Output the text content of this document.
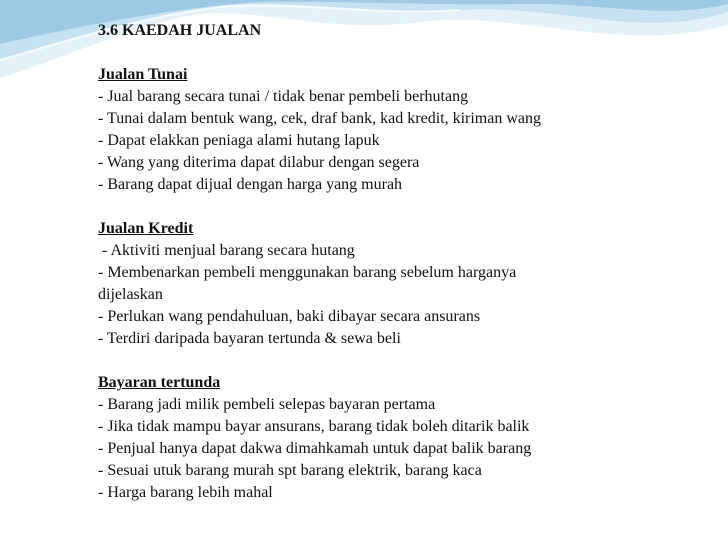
3.6 KAEDAH JUALAN
Jualan Tunai
- Jual barang secara tunai / tidak benar pembeli berhutang
- Tunai dalam bentuk wang, cek, draf bank, kad kredit, kiriman wang
- Dapat elakkan peniaga alami hutang lapuk
- Wang yang diterima dapat dilabur dengan segera
- Barang dapat dijual dengan harga yang murah
Jualan Kredit
- Aktiviti menjual barang secara hutang
- Membenarkan pembeli menggunakan barang sebelum harganya
dijelaskan
- Perlukan wang pendahuluan, baki dibayar secara ansurans
- Terdiri daripada bayaran tertunda & sewa beli
Bayaran tertunda
- Barang jadi milik pembeli selepas bayaran pertama
- Jika tidak mampu bayar ansurans, barang tidak boleh ditarik balik
- Penjual hanya dapat dakwa dimahkamah untuk dapat balik barang
- Sesuai utuk barang murah spt barang elektrik, barang kaca
- Harga barang lebih mahal
